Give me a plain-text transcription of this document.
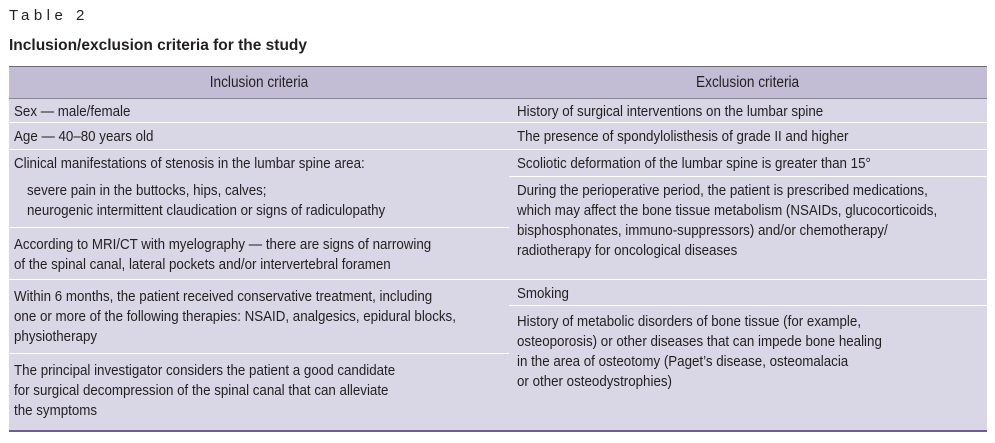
Table 2
Inclusion/exclusion criteria for the study
Inclusion criteria	Exclusion criteria
Sex — male/female
Age — 40–80 years old
Clinical manifestations of stenosis in the lumbar spine area:
severe pain in the buttocks, hips, calves;
neurogenic intermittent claudication or signs of radiculopathy
According to MRI/CT with myelography — there are signs of narrowing
of the spinal canal, lateral pockets and/or intervertebral foramen
Within 6 months, the patient received conservative treatment, including
one or more of the following therapies: NSAID, analgesics, epidural blocks,
physiotherapy
The principal investigator considers the patient a good candidate
for surgical decompression of the spinal canal that can alleviate
the symptoms
History of surgical interventions on the lumbar spine
The presence of spondylolisthesis of grade II and higher
Scoliotic deformation of the lumbar spine is greater than 15°
During the perioperative period, the patient is prescribed medications,
which may affect the bone tissue metabolism (NSAIDs, glucocorticoids,
bisphosphonates, immuno-suppressors) and/or chemotherapy/
radiotherapy for oncological diseases
Smoking
History of metabolic disorders of bone tissue (for example,
osteoporosis) or other diseases that can impede bone healing
in the area of osteotomy (Paget’s disease, osteomalacia
or other osteodystrophies)
